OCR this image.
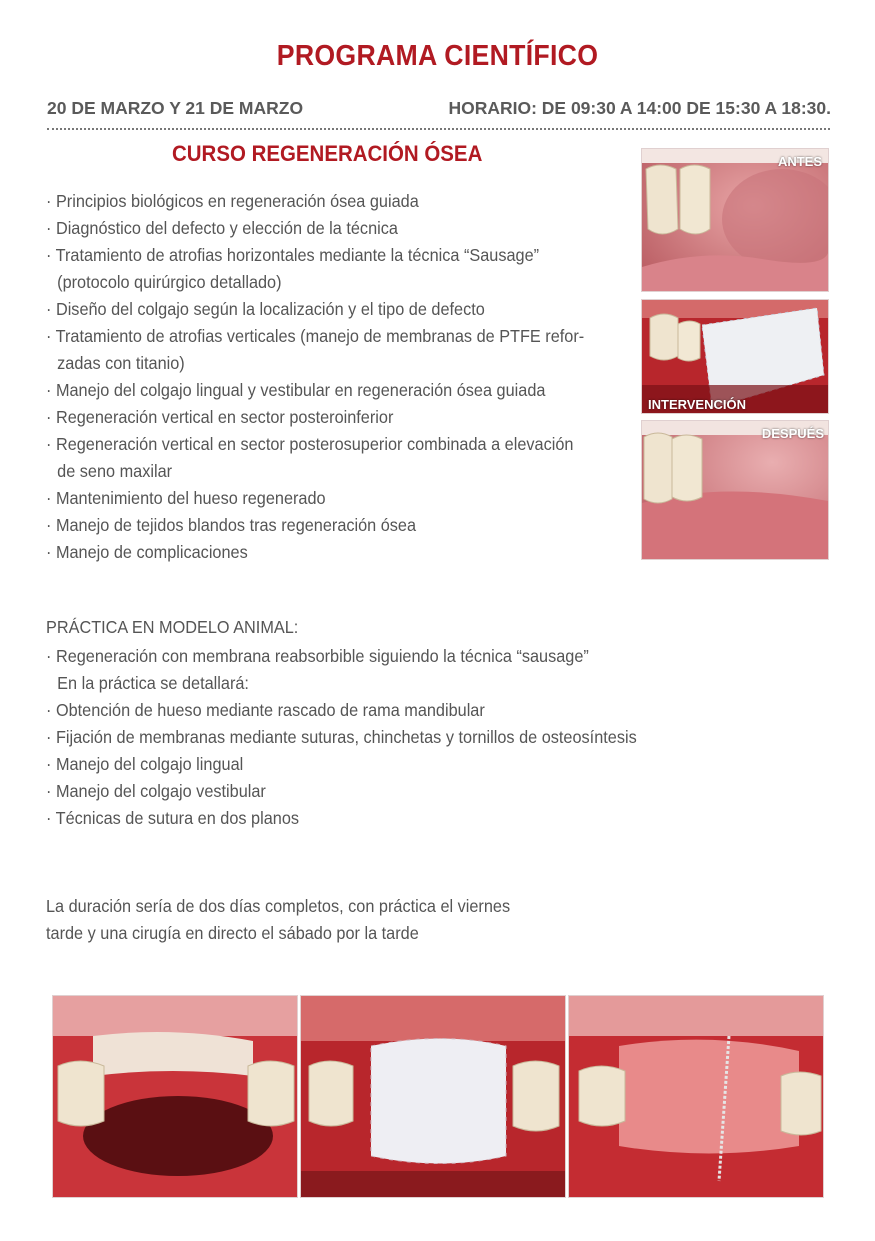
PROGRAMA CIENTÍFICO
20 DE MARZO Y 21 DE MARZO	HORARIO: DE 09:30 A 14:00 DE 15:30 A 18:30.
CURSO REGENERACIÓN ÓSEA
· Principios biológicos en regeneración ósea guiada
· Diagnóstico del defecto y elección de la técnica
· Tratamiento de atrofias horizontales mediante la técnica “Sausage”
(protocolo quirúrgico detallado)
· Diseño del colgajo según la localización y el tipo de defecto
· Tratamiento de atrofias verticales (manejo de membranas de PTFE refor-
zadas con titanio)
· Manejo del colgajo lingual y vestibular en regeneración ósea guiada
· Regeneración vertical en sector posteroinferior
· Regeneración vertical en sector posterosuperior combinada a elevación
de seno maxilar
· Mantenimiento del hueso regenerado
· Manejo de tejidos blandos tras regeneración ósea
· Manejo de complicaciones
PRÁCTICA EN MODELO ANIMAL:
· Regeneración con membrana reabsorbible siguiendo la técnica “sausage”
En la práctica se detallará:
· Obtención de hueso mediante rascado de rama mandibular
· Fijación de membranas mediante suturas, chinchetas y tornillos de osteosíntesis
· Manejo del colgajo lingual
· Manejo del colgajo vestibular
· Técnicas de sutura en dos planos
La duración sería de dos días completos, con práctica el viernes
tarde y una cirugía en directo el sábado por la tarde
ANTES
INTERVENCIÓN
DESPUÉS
